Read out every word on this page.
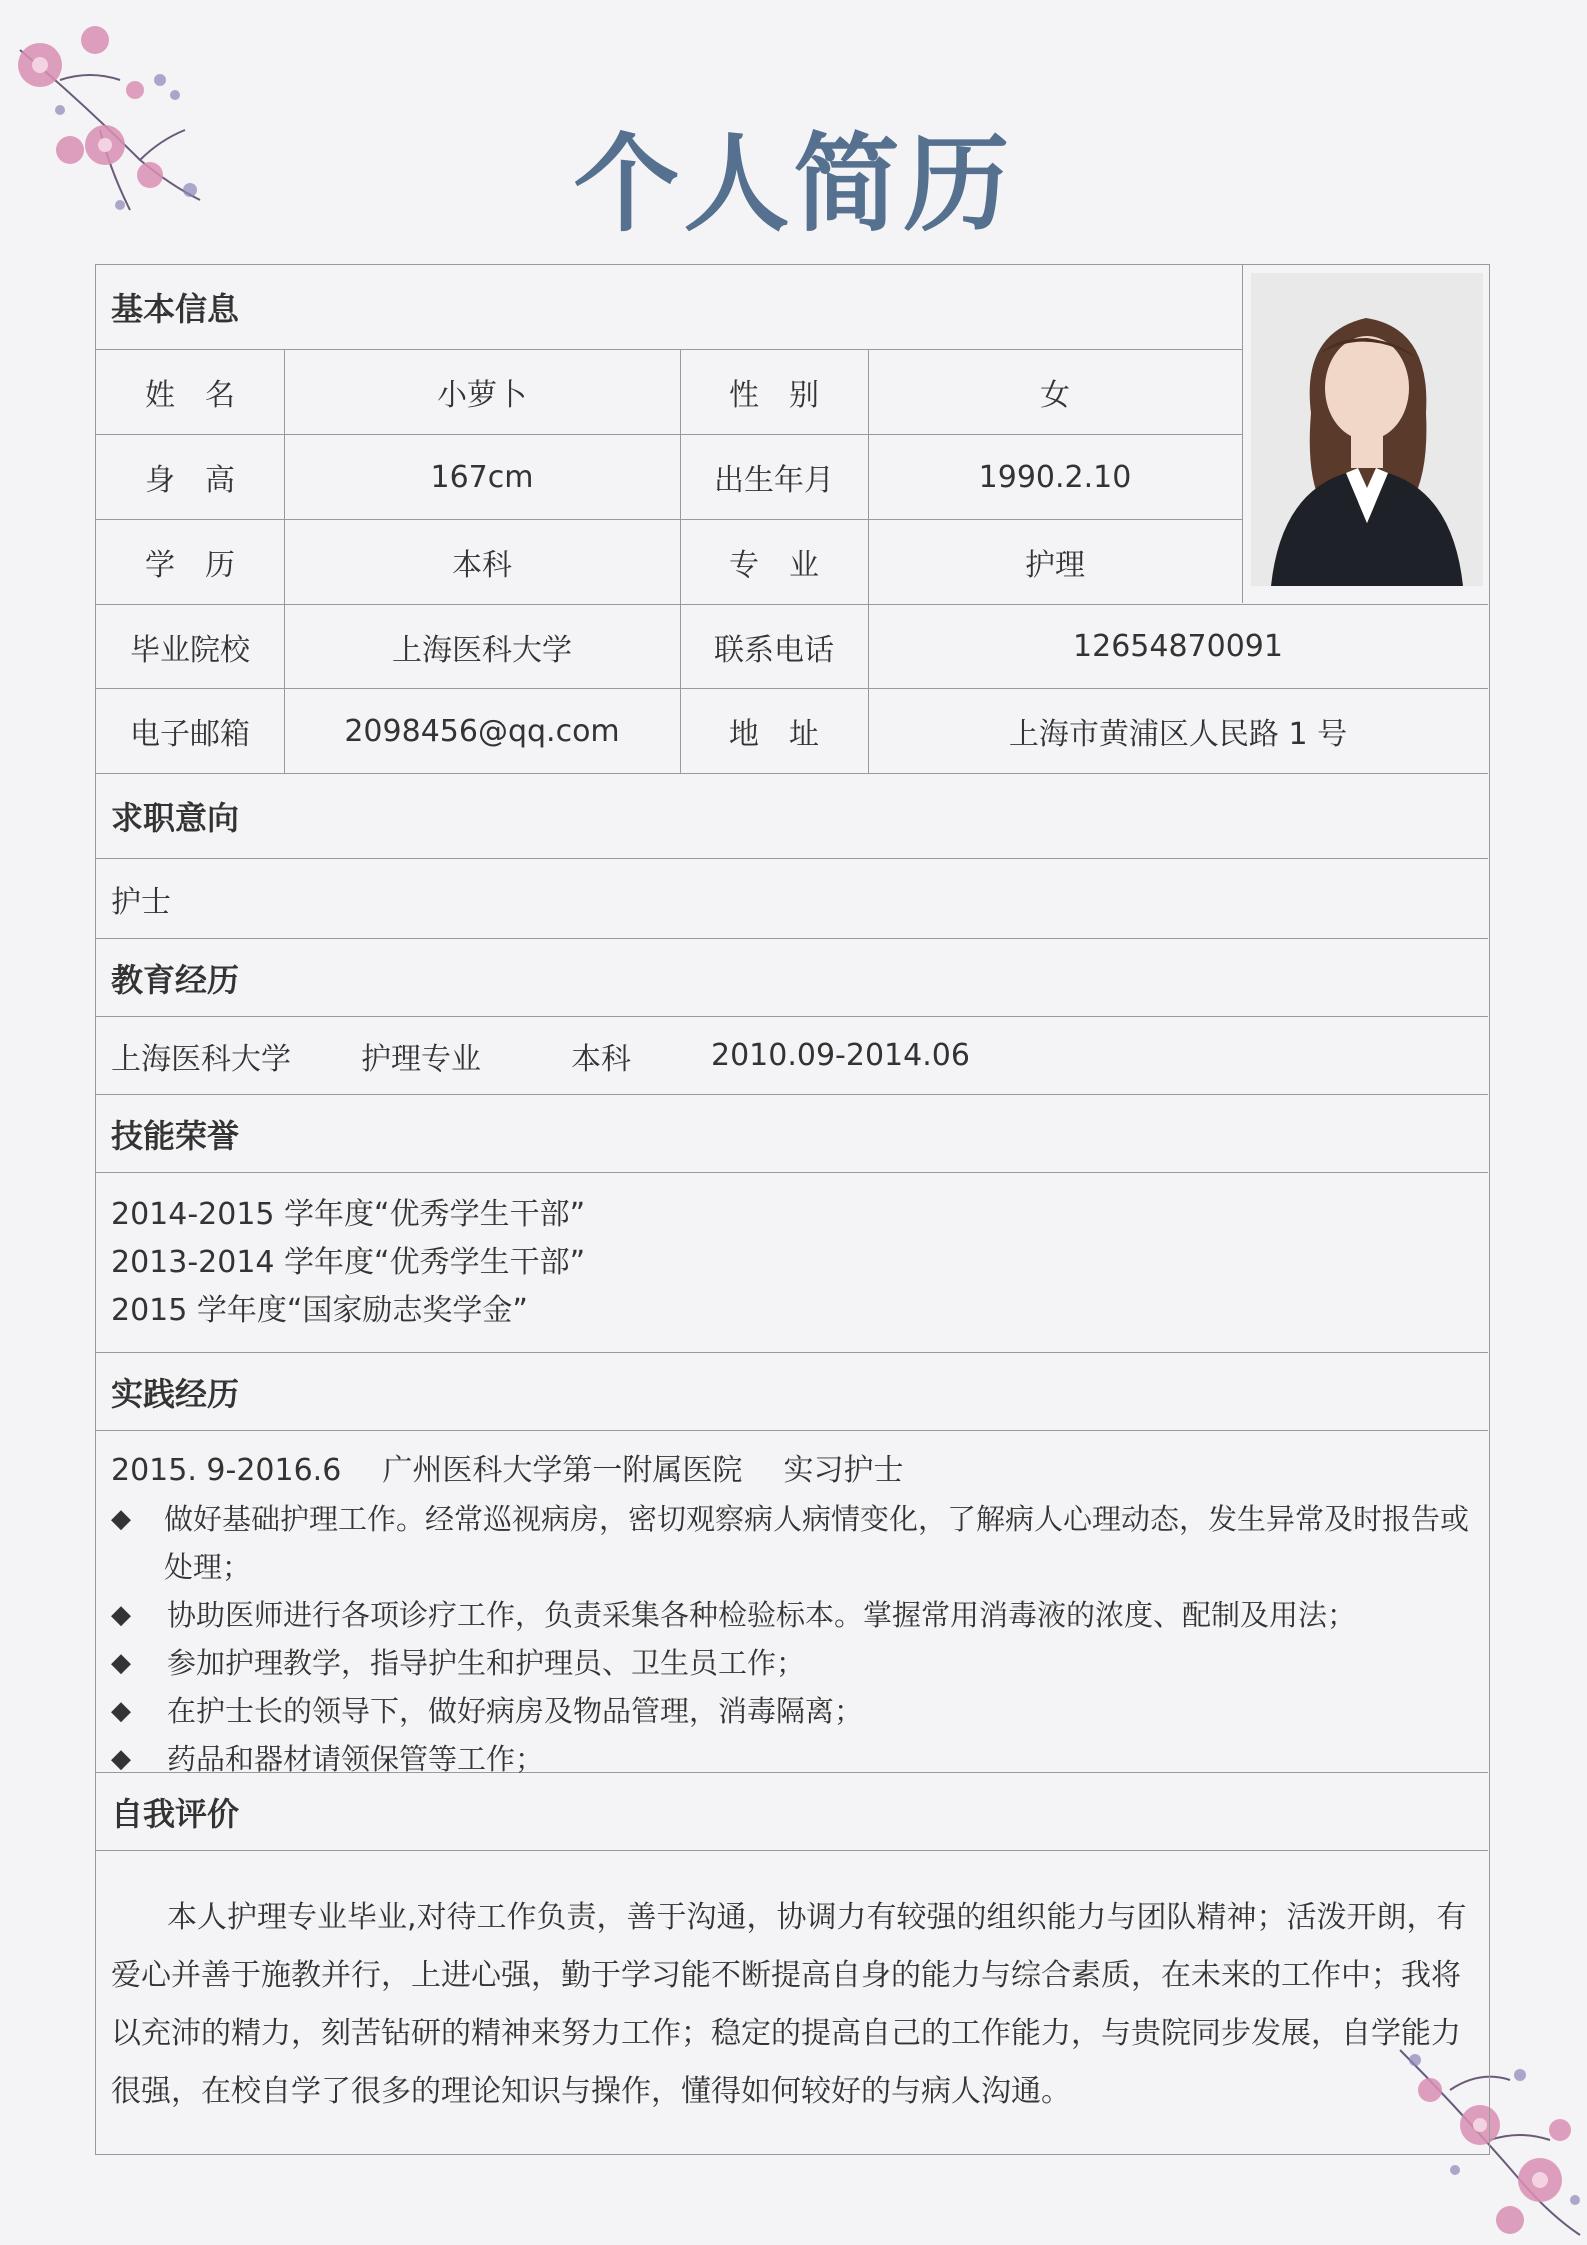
个人简历
基本信息
姓　名	小萝卜	性　别	女
身　高	167cm	出生年月	1990.2.10
学　历	本科	专　业	护理
毕业院校	上海医科大学	联系电话	12654870091
电子邮箱	2098456@qq.com	地　址	上海市黄浦区人民路 1 号
求职意向
护士
教育经历
上海医科大学 护理专业	本科	2010.09-2014.06
技能荣誉
2014-2015 学年度“优秀学生干部”
2013-2014 学年度“优秀学生干部”
2015 学年度“国家励志奖学金”
实践经历
2015. 9-2016.6 广州医科大学第一附属医院 实习护士
◆	做好基础护理工作。经常巡视病房，密切观察病人病情变化，了解病人心理动态，发生异常及时报告或处理；
◆	协助医师进行各项诊疗工作，负责采集各种检验标本。掌握常用消毒液的浓度、配制及用法；
◆	参加护理教学，指导护生和护理员、卫生员工作；
◆	在护士长的领导下，做好病房及物品管理，消毒隔离；
◆	药品和器材请领保管等工作；
自我评价
本人护理专业毕业,对待工作负责，善于沟通，协调力有较强的组织能力与团队精神；活泼开朗，有爱心并善于施教并行，上进心强，勤于学习能不断提高自身的能力与综合素质，在未来的工作中；我将以充沛的精力，刻苦钻研的精神来努力工作；稳定的提高自己的工作能力，与贵院同步发展，自学能力很强，在校自学了很多的理论知识与操作，懂得如何较好的与病人沟通。
